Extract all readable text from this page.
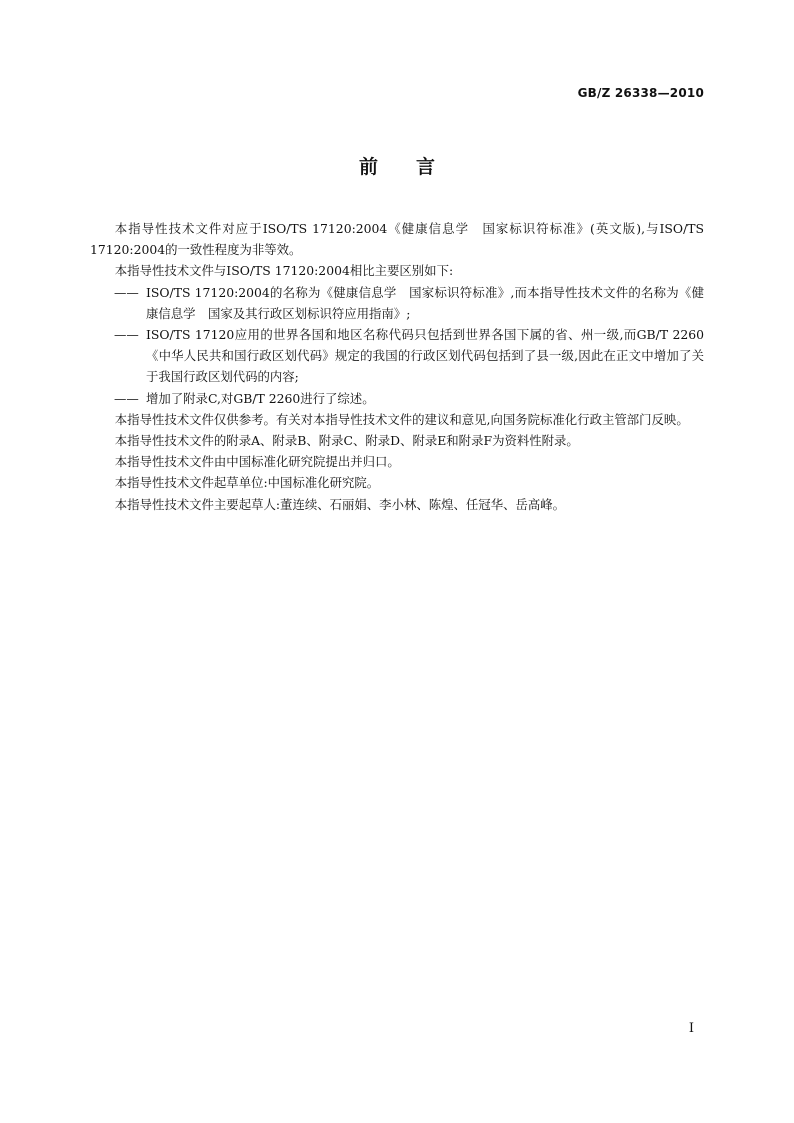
GB/Z 26338—2010
前 言

本指导性技术文件对应于ISO/TS 17120:2004《健康信息学　国家标识符标准》(英文版),与ISO/TS 17120:2004的一致性程度为非等效。

本指导性技术文件与ISO/TS 17120:2004相比主要区别如下:

—— ISO/TS 17120:2004的名称为《健康信息学　国家标识符标准》,而本指导性技术文件的名称为《健康信息学　国家及其行政区划标识符应用指南》;

—— ISO/TS 17120应用的世界各国和地区名称代码只包括到世界各国下属的省、州一级,而GB/T 2260《中华人民共和国行政区划代码》规定的我国的行政区划代码包括到了县一级,因此在正文中增加了关于我国行政区划代码的内容;

—— 增加了附录C,对GB/T 2260进行了综述。

本指导性技术文件仅供参考。有关对本指导性技术文件的建议和意见,向国务院标准化行政主管部门反映。

本指导性技术文件的附录A、附录B、附录C、附录D、附录E和附录F为资料性附录。

本指导性技术文件由中国标准化研究院提出并归口。

本指导性技术文件起草单位:中国标准化研究院。

本指导性技术文件主要起草人:董连续、石丽娟、李小林、陈煌、任冠华、岳高峰。

I
